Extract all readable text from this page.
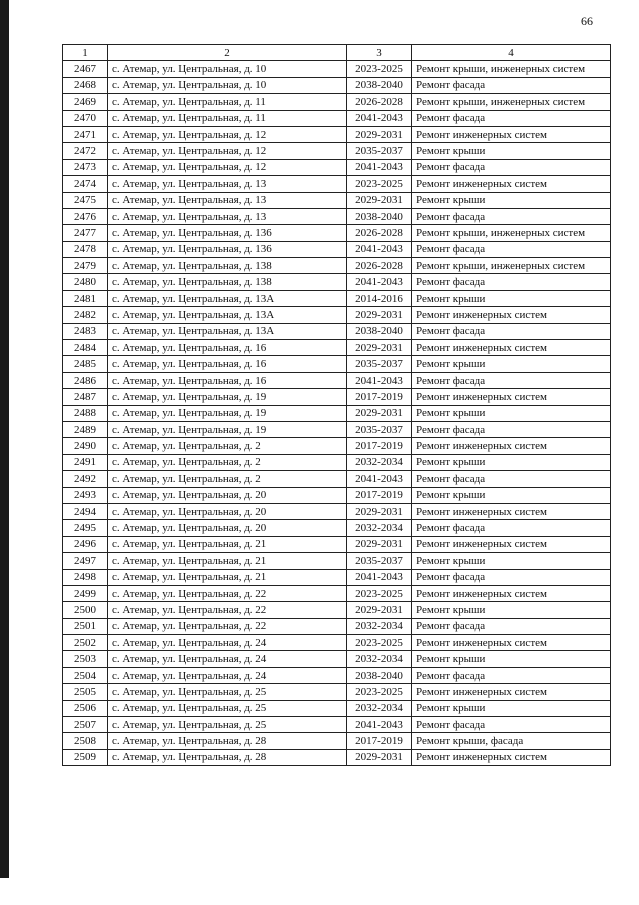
66
1	2	3	4
2467	с. Атемар, ул. Центральная, д. 10	2023-2025	Ремонт крыши, инженерных систем
2468	с. Атемар, ул. Центральная, д. 10	2038-2040	Ремонт фасада
2469	с. Атемар, ул. Центральная, д. 11	2026-2028	Ремонт крыши, инженерных систем
2470	с. Атемар, ул. Центральная, д. 11	2041-2043	Ремонт фасада
2471	с. Атемар, ул. Центральная, д. 12	2029-2031	Ремонт инженерных систем
2472	с. Атемар, ул. Центральная, д. 12	2035-2037	Ремонт крыши
2473	с. Атемар, ул. Центральная, д. 12	2041-2043	Ремонт фасада
2474	с. Атемар, ул. Центральная, д. 13	2023-2025	Ремонт инженерных систем
2475	с. Атемар, ул. Центральная, д. 13	2029-2031	Ремонт крыши
2476	с. Атемар, ул. Центральная, д. 13	2038-2040	Ремонт фасада
2477	с. Атемар, ул. Центральная, д. 136	2026-2028	Ремонт крыши, инженерных систем
2478	с. Атемар, ул. Центральная, д. 136	2041-2043	Ремонт фасада
2479	с. Атемар, ул. Центральная, д. 138	2026-2028	Ремонт крыши, инженерных систем
2480	с. Атемар, ул. Центральная, д. 138	2041-2043	Ремонт фасада
2481	с. Атемар, ул. Центральная, д. 13А	2014-2016	Ремонт крыши
2482	с. Атемар, ул. Центральная, д. 13А	2029-2031	Ремонт инженерных систем
2483	с. Атемар, ул. Центральная, д. 13А	2038-2040	Ремонт фасада
2484	с. Атемар, ул. Центральная, д. 16	2029-2031	Ремонт инженерных систем
2485	с. Атемар, ул. Центральная, д. 16	2035-2037	Ремонт крыши
2486	с. Атемар, ул. Центральная, д. 16	2041-2043	Ремонт фасада
2487	с. Атемар, ул. Центральная, д. 19	2017-2019	Ремонт инженерных систем
2488	с. Атемар, ул. Центральная, д. 19	2029-2031	Ремонт крыши
2489	с. Атемар, ул. Центральная, д. 19	2035-2037	Ремонт фасада
2490	с. Атемар, ул. Центральная, д. 2	2017-2019	Ремонт инженерных систем
2491	с. Атемар, ул. Центральная, д. 2	2032-2034	Ремонт крыши
2492	с. Атемар, ул. Центральная, д. 2	2041-2043	Ремонт фасада
2493	с. Атемар, ул. Центральная, д. 20	2017-2019	Ремонт крыши
2494	с. Атемар, ул. Центральная, д. 20	2029-2031	Ремонт инженерных систем
2495	с. Атемар, ул. Центральная, д. 20	2032-2034	Ремонт фасада
2496	с. Атемар, ул. Центральная, д. 21	2029-2031	Ремонт инженерных систем
2497	с. Атемар, ул. Центральная, д. 21	2035-2037	Ремонт крыши
2498	с. Атемар, ул. Центральная, д. 21	2041-2043	Ремонт фасада
2499	с. Атемар, ул. Центральная, д. 22	2023-2025	Ремонт инженерных систем
2500	с. Атемар, ул. Центральная, д. 22	2029-2031	Ремонт крыши
2501	с. Атемар, ул. Центральная, д. 22	2032-2034	Ремонт фасада
2502	с. Атемар, ул. Центральная, д. 24	2023-2025	Ремонт инженерных систем
2503	с. Атемар, ул. Центральная, д. 24	2032-2034	Ремонт крыши
2504	с. Атемар, ул. Центральная, д. 24	2038-2040	Ремонт фасада
2505	с. Атемар, ул. Центральная, д. 25	2023-2025	Ремонт инженерных систем
2506	с. Атемар, ул. Центральная, д. 25	2032-2034	Ремонт крыши
2507	с. Атемар, ул. Центральная, д. 25	2041-2043	Ремонт фасада
2508	с. Атемар, ул. Центральная, д. 28	2017-2019	Ремонт крыши, фасада
2509	с. Атемар, ул. Центральная, д. 28	2029-2031	Ремонт инженерных систем
